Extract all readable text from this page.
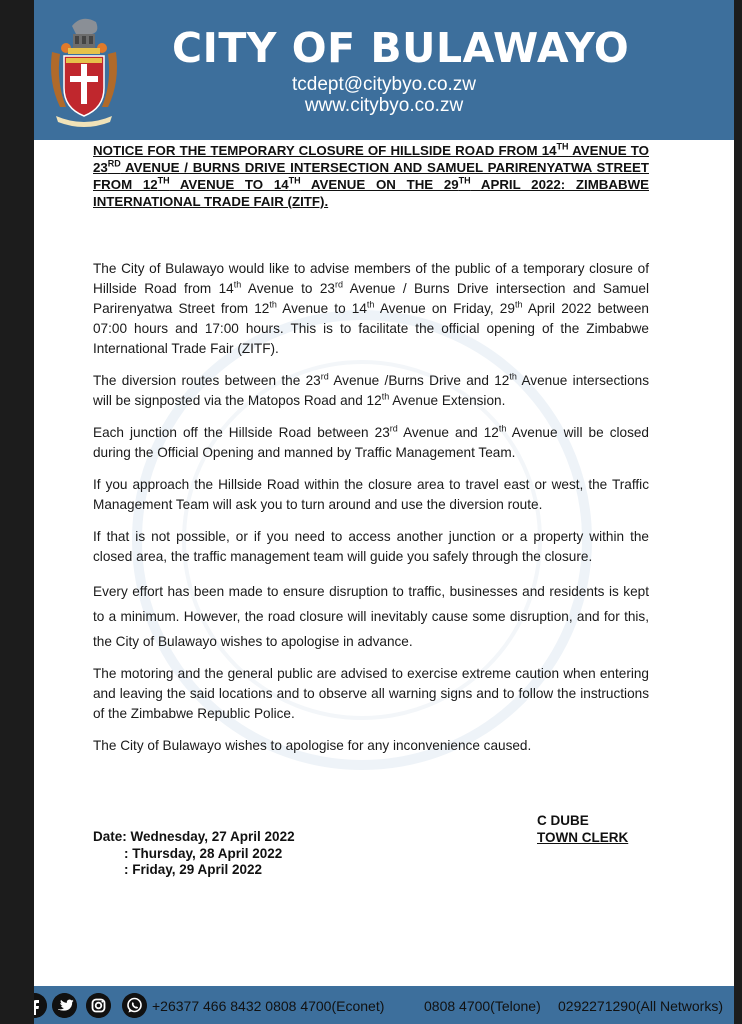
CITY OF BULAWAYO
tcdept@citybyo.co.zw
www.citybyo.co.zw
NOTICE FOR THE TEMPORARY CLOSURE OF HILLSIDE ROAD FROM 14TH AVENUE TO 23RD AVENUE / BURNS DRIVE INTERSECTION AND SAMUEL PARIRENYATWA STREET FROM 12TH AVENUE TO 14TH AVENUE ON THE 29TH APRIL 2022: ZIMBABWE INTERNATIONAL TRADE FAIR (ZITF).

The City of Bulawayo would like to advise members of the public of a temporary closure of Hillside Road from 14th Avenue to 23rd Avenue / Burns Drive intersection and Samuel Parirenyatwa Street from 12th Avenue to 14th Avenue on Friday, 29th April 2022 between 07:00 hours and 17:00 hours. This is to facilitate the official opening of the Zimbabwe International Trade Fair (ZITF).

The diversion routes between the 23rd Avenue /Burns Drive and 12th Avenue intersections will be signposted via the Matopos Road and 12th Avenue Extension.

Each junction off the Hillside Road between 23rd Avenue and 12th Avenue will be closed during the Official Opening and manned by Traffic Management Team.

If you approach the Hillside Road within the closure area to travel east or west, the Traffic Management Team will ask you to turn around and use the diversion route.

If that is not possible, or if you need to access another junction or a property within the closed area, the traffic management team will guide you safely through the closure.

Every effort has been made to ensure disruption to traffic, businesses and residents is kept to a minimum. However, the road closure will inevitably cause some disruption, and for this, the City of Bulawayo wishes to apologise in advance.

The motoring and the general public are advised to exercise extreme caution when entering and leaving the said locations and to observe all warning signs and to follow the instructions of the Zimbabwe Republic Police.

The City of Bulawayo wishes to apologise for any inconvenience caused.

C DUBE
TOWN CLERK
Date: Wednesday, 27 April 2022
: Thursday, 28 April 2022
: Friday, 29 April 2022
+26377 466 8432 0808 4700(Econet)	0808 4700(Telone) 0292271290(All Networks)
